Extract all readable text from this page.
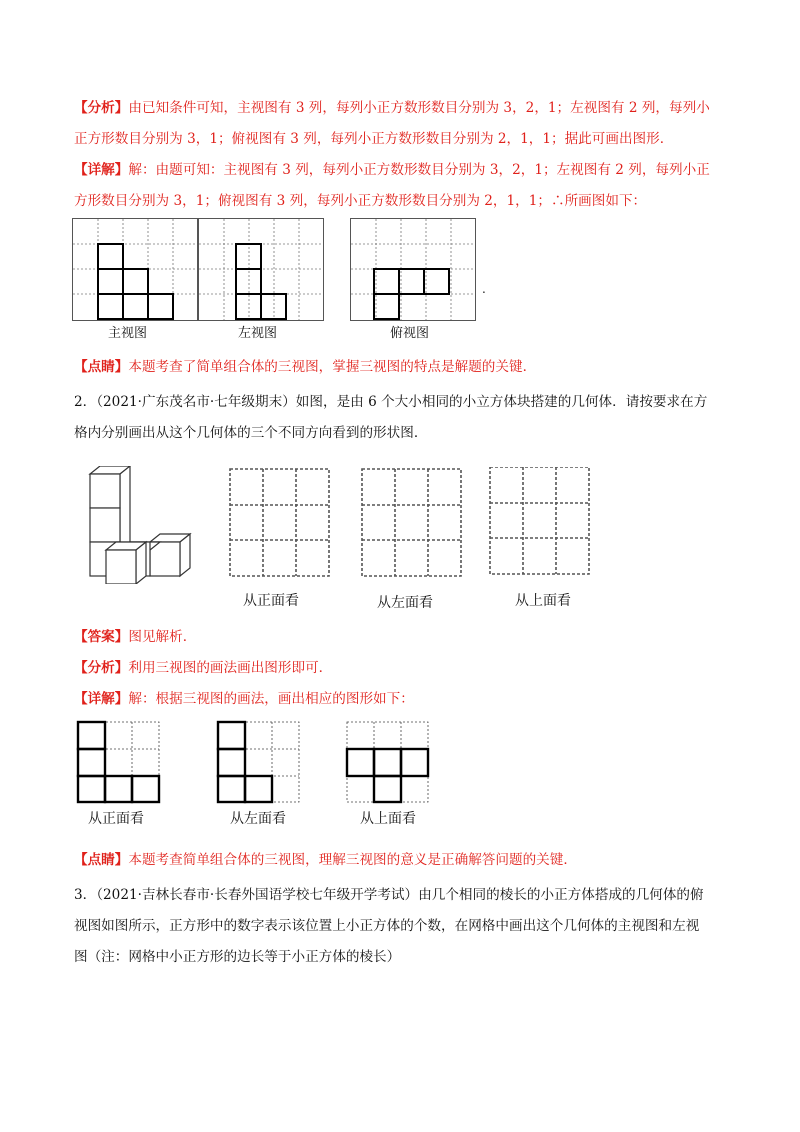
【分析】由已知条件可知，主视图有 3 列，每列小正方数形数目分别为 3，2，1；左视图有 2 列，每列小
正方形数目分别为 3，1；俯视图有 3 列，每列小正方数形数目分别为 2，1，1；据此可画出图形．
【详解】解：由题可知：主视图有 3 列，每列小正方数形数目分别为 3，2，1；左视图有 2 列，每列小正
方形数目分别为 3，1；俯视图有 3 列，每列小正方数形数目分别为 2，1，1；∴所画图如下：
主视图	左视图	俯视图
.
【点睛】本题考查了简单组合体的三视图，掌握三视图的特点是解题的关键．
2．（2021·广东茂名市·七年级期末）如图，是由 6 个大小相同的小立方体块搭建的几何体．请按要求在方
格内分别画出从这个几何体的三个不同方向看到的形状图．
从正面看	从左面看	从上面看
【答案】图见解析．
【分析】利用三视图的画法画出图形即可．
【详解】解：根据三视图的画法，画出相应的图形如下：
从正面看	从左面看	从上面看
【点睛】本题考查简单组合体的三视图，理解三视图的意义是正确解答问题的关键．
3．（2021·吉林长春市·长春外国语学校七年级开学考试）由几个相同的棱长的小正方体搭成的几何体的俯
视图如图所示，正方形中的数字表示该位置上小正方体的个数，在网格中画出这个几何体的主视图和左视
图（注：网格中小正方形的边长等于小正方体的棱长）
